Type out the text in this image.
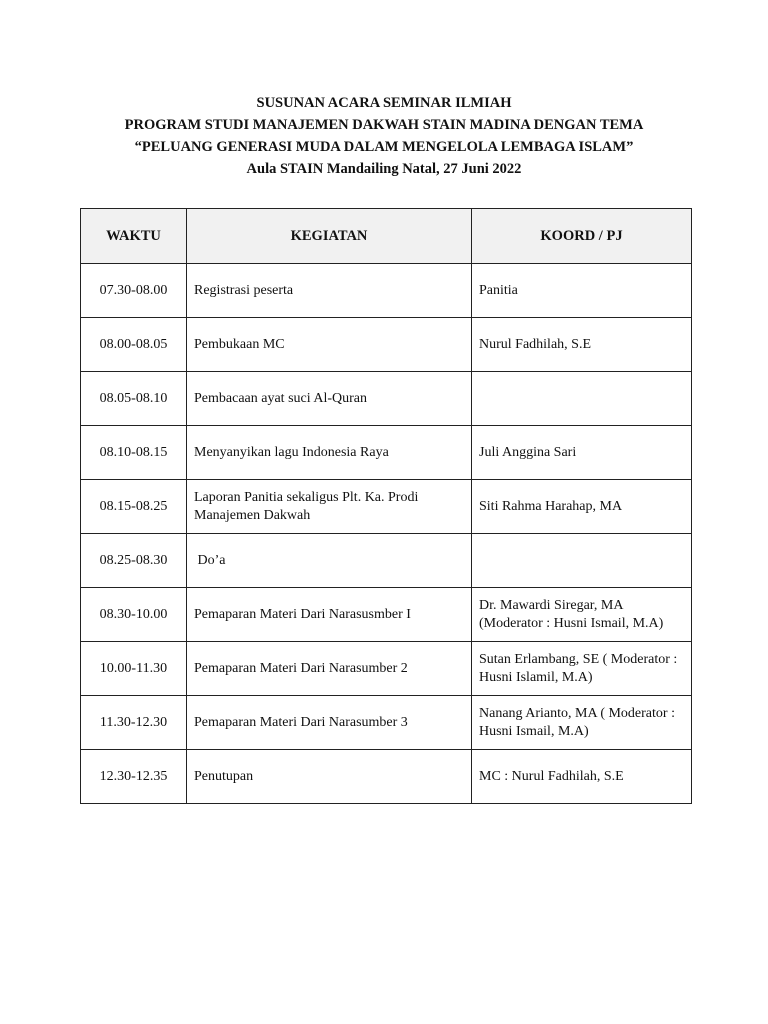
SUSUNAN ACARA SEMINAR ILMIAH
PROGRAM STUDI MANAJEMEN DAKWAH STAIN MADINA DENGAN TEMA
“PELUANG GENERASI MUDA DALAM MENGELOLA LEMBAGA ISLAM”
Aula STAIN Mandailing Natal, 27 Juni 2022
WAKTU	KEGIATAN	KOORD / PJ
07.30-08.00	Registrasi peserta	Panitia
08.00-08.05	Pembukaan MC	Nurul Fadhilah, S.E
08.05-08.10	Pembacaan ayat suci Al-Quran	
08.10-08.15	Menyanyikan lagu Indonesia Raya	Juli Anggina Sari
08.15-08.25	Laporan Panitia sekaligus Plt. Ka. Prodi Manajemen Dakwah	Siti Rahma Harahap, MA
08.25-08.30	Do’a	
08.30-10.00	Pemaparan Materi Dari Narasusmber I	Dr. Mawardi Siregar, MA (Moderator : Husni Ismail, M.A)
10.00-11.30	Pemaparan Materi Dari Narasumber 2	Sutan Erlambang, SE ( Moderator : Husni Islamil, M.A)
11.30-12.30	Pemaparan Materi Dari Narasumber 3	Nanang Arianto, MA ( Moderator : Husni Ismail, M.A)
12.30-12.35	Penutupan	MC : Nurul Fadhilah, S.E
